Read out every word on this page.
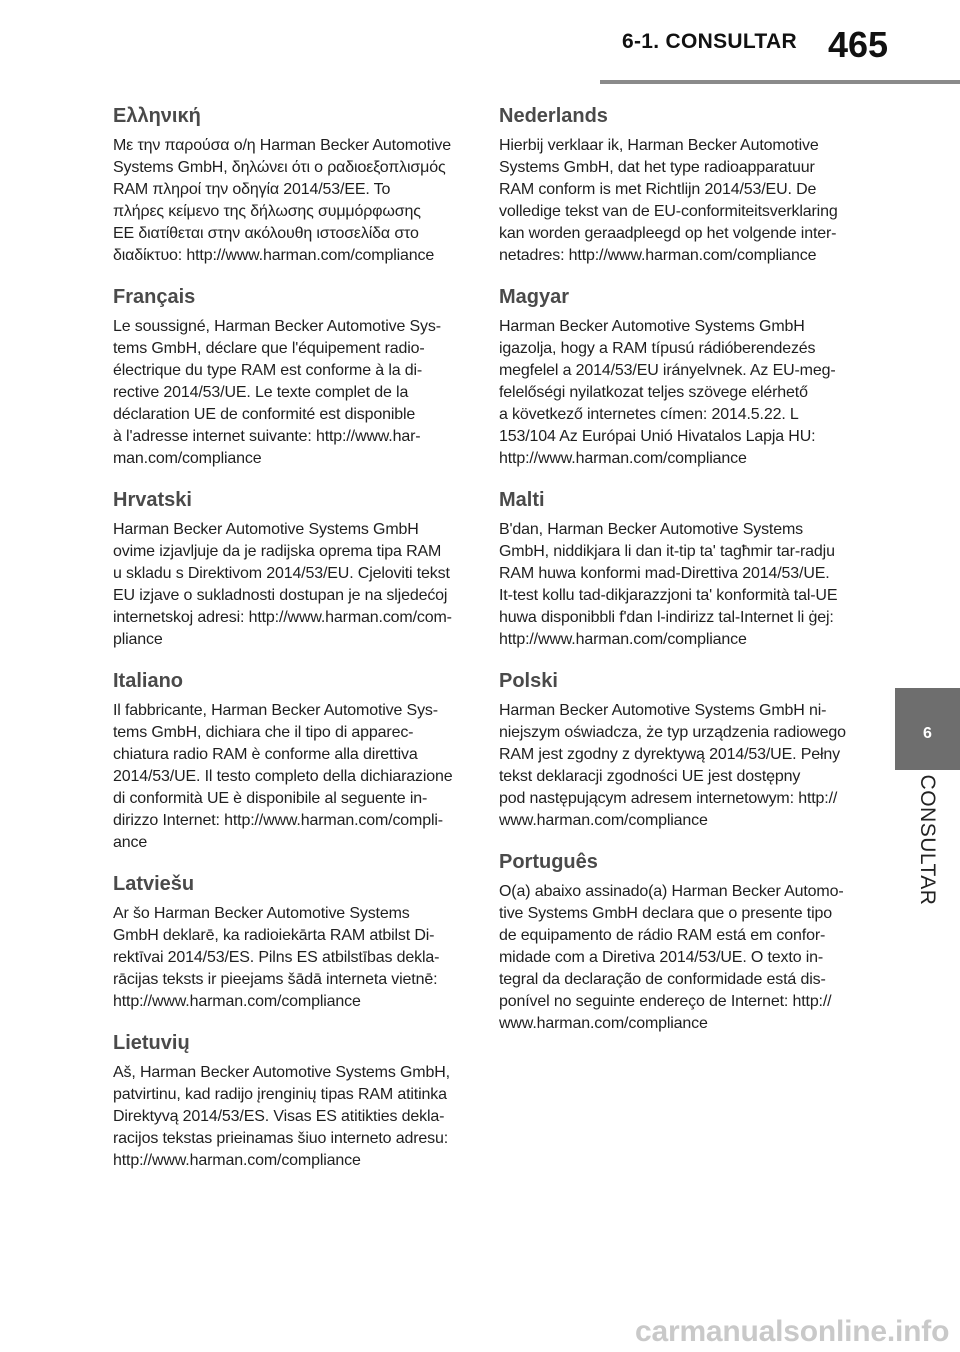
6-1. CONSULTAR 465
Ελληνική

Με την παρούσα ο/η Harman Becker Automotive
Systems GmbH, δηλώνει ότι ο ραδιοεξοπλισμός
RAM πληροί την οδηγία 2014/53/ΕΕ. Το
πλήρες κείμενο της δήλωσης συμμόρφωσης
ΕΕ διατίθεται στην ακόλουθη ιστοσελίδα στο
διαδίκτυο: http://www.harman.com/compliance

Français

Le soussigné, Harman Becker Automotive Sys-
tems GmbH, déclare que l'équipement radio-
électrique du type RAM est conforme à la di-
rective 2014/53/UE. Le texte complet de la
déclaration UE de conformité est disponible
à l'adresse internet suivante: http://www.har-
man.com/compliance

Hrvatski

Harman Becker Automotive Systems GmbH
ovime izjavljuje da je radijska oprema tipa RAM
u skladu s Direktivom 2014/53/EU. Cjeloviti tekst
EU izjave o sukladnosti dostupan je na sljedećoj
internetskoj adresi: http://www.harman.com/com-
pliance

Italiano

Il fabbricante, Harman Becker Automotive Sys-
tems GmbH, dichiara che il tipo di apparec-
chiatura radio RAM è conforme alla direttiva
2014/53/UE. Il testo completo della dichiarazione
di conformità UE è disponibile al seguente in-
dirizzo Internet: http://www.harman.com/compli-
ance

Latviešu

Ar šo Harman Becker Automotive Systems
GmbH deklarē, ka radioiekārta RAM atbilst Di-
rektīvai 2014/53/ES. Pilns ES atbilstības dekla-
rācijas teksts ir pieejams šādā interneta vietnē:
http://www.harman.com/compliance

Lietuvių

Aš, Harman Becker Automotive Systems GmbH,
patvirtinu, kad radijo įrenginių tipas RAM atitinka
Direktyvą 2014/53/ES. Visas ES atitikties dekla-
racijos tekstas prieinamas šiuo interneto adresu:
http://www.harman.com/compliance

Nederlands

Hierbij verklaar ik, Harman Becker Automotive
Systems GmbH, dat het type radioapparatuur
RAM conform is met Richtlijn 2014/53/EU. De
volledige tekst van de EU-conformiteitsverklaring
kan worden geraadpleegd op het volgende inter-
netadres: http://www.harman.com/compliance

Magyar

Harman Becker Automotive Systems GmbH
igazolja, hogy a RAM típusú rádióberendezés
megfelel a 2014/53/EU irányelvnek. Az EU-meg-
felelőségi nyilatkozat teljes szövege elérhető
a következő internetes címen: 2014.5.22. L
153/104 Az Európai Unió Hivatalos Lapja HU:
http://www.harman.com/compliance

Malti

B'dan, Harman Becker Automotive Systems
GmbH, niddikjara li dan it-tip ta' tagħmir tar-radju
RAM huwa konformi mad-Direttiva 2014/53/UE.
It-test kollu tad-dikjarazzjoni ta' konformità tal-UE
huwa disponibbli f'dan l-indirizz tal-Internet li ġej:
http://www.harman.com/compliance

Polski

Harman Becker Automotive Systems GmbH ni-
niejszym oświadcza, że typ urządzenia radiowego
RAM jest zgodny z dyrektywą 2014/53/UE. Pełny
tekst deklaracji zgodności UE jest dostępny
pod następującym adresem internetowym: http://
www.harman.com/compliance

Português

O(a) abaixo assinado(a) Harman Becker Automo-
tive Systems GmbH declara que o presente tipo
de equipamento de rádio RAM está em confor-
midade com a Diretiva 2014/53/UE. O texto in-
tegral da declaração de conformidade está dis-
ponível no seguinte endereço de Internet: http://
www.harman.com/compliance

6
CONSULTAR
carmanualsonline.info
